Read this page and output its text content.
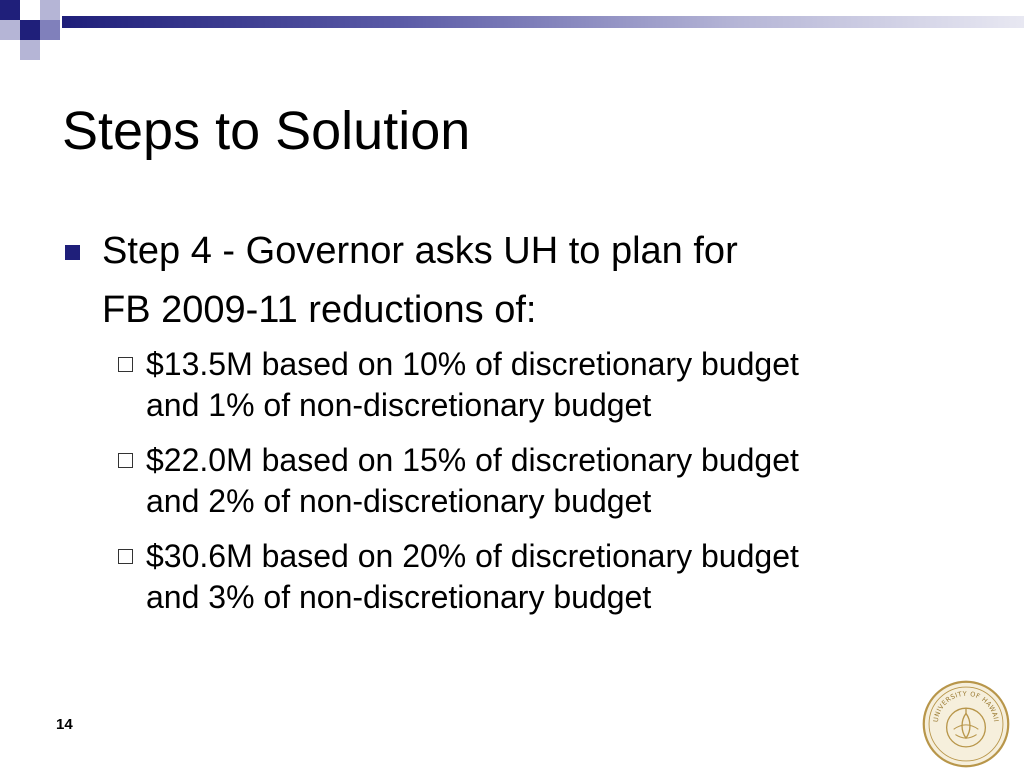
Steps to Solution
Step 4 - Governor asks UH to plan for
FB 2009-11 reductions of:
$13.5M based on 10% of discretionary budget
and 1% of non-discretionary budget
$22.0M based on 15% of discretionary budget
and 2% of non-discretionary budget
$30.6M based on 20% of discretionary budget
and 3% of non-discretionary budget
14	UNIVERSITY OF HAWAII
